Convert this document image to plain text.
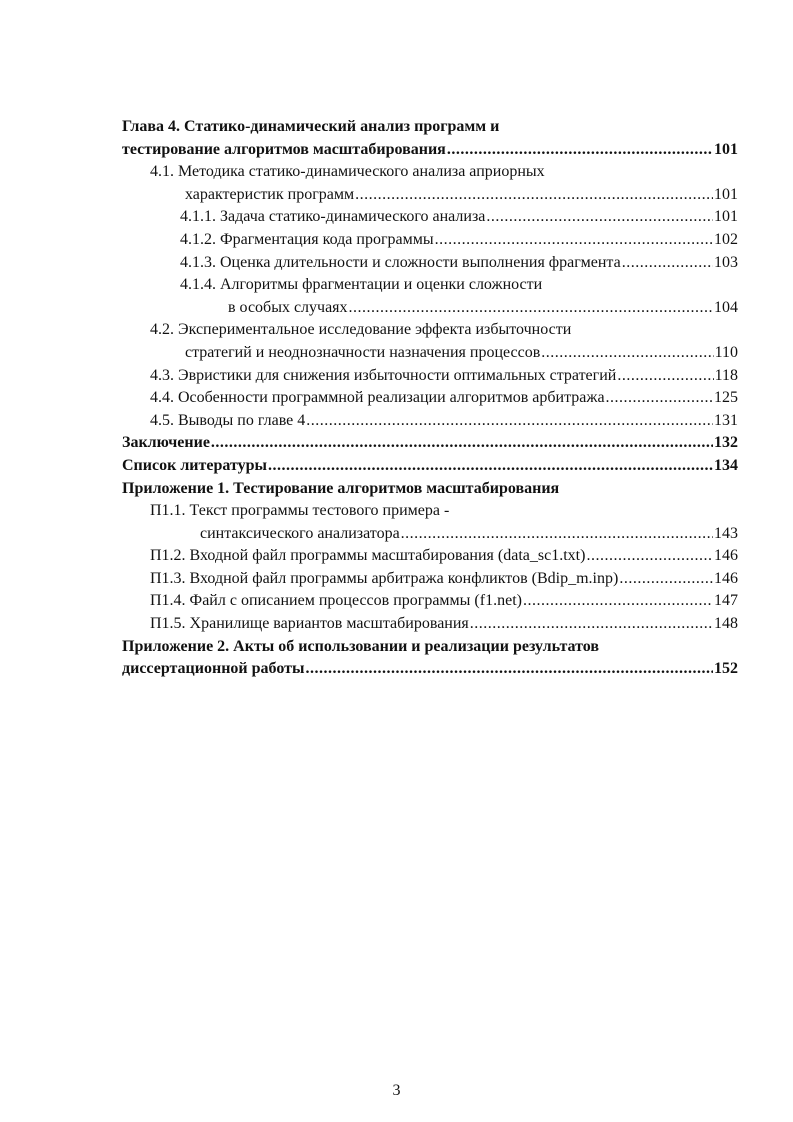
Глава 4. Статико-динамический анализ программ и
тестирование алгоритмов масштабирования .....	101
4.1. Методика статико-динамического анализа априорных
характеристик программ .....	101
4.1.1. Задача статико-динамического анализа .....	101
4.1.2. Фрагментация кода программы .....	102
4.1.3. Оценка длительности и сложности выполнения фрагмента .....	103
4.1.4. Алгоритмы фрагментации и оценки сложности
в особых случаях .....	104
4.2. Экспериментальное исследование эффекта избыточности
стратегий и неоднозначности назначения процессов .....	110
4.3. Эвристики для снижения избыточности оптимальных стратегий .....	118
4.4. Особенности программной реализации алгоритмов арбитража .....	125
4.5. Выводы по главе 4 .....	131
Заключение .....	132
Список литературы .....	134
Приложение 1. Тестирование алгоритмов масштабирования
П1.1. Текст программы тестового примера -
синтаксического анализатора .....	143
П1.2. Входной файл программы масштабирования (data_sc1.txt) .....	146
П1.3. Входной файл программы арбитража конфликтов (Bdip_m.inp) .....	146
П1.4. Файл с описанием процессов программы (f1.net) .....	147
П1.5. Хранилище вариантов масштабирования .....	148
Приложение 2. Акты об использовании и реализации результатов
диссертационной работы .....	152
3
